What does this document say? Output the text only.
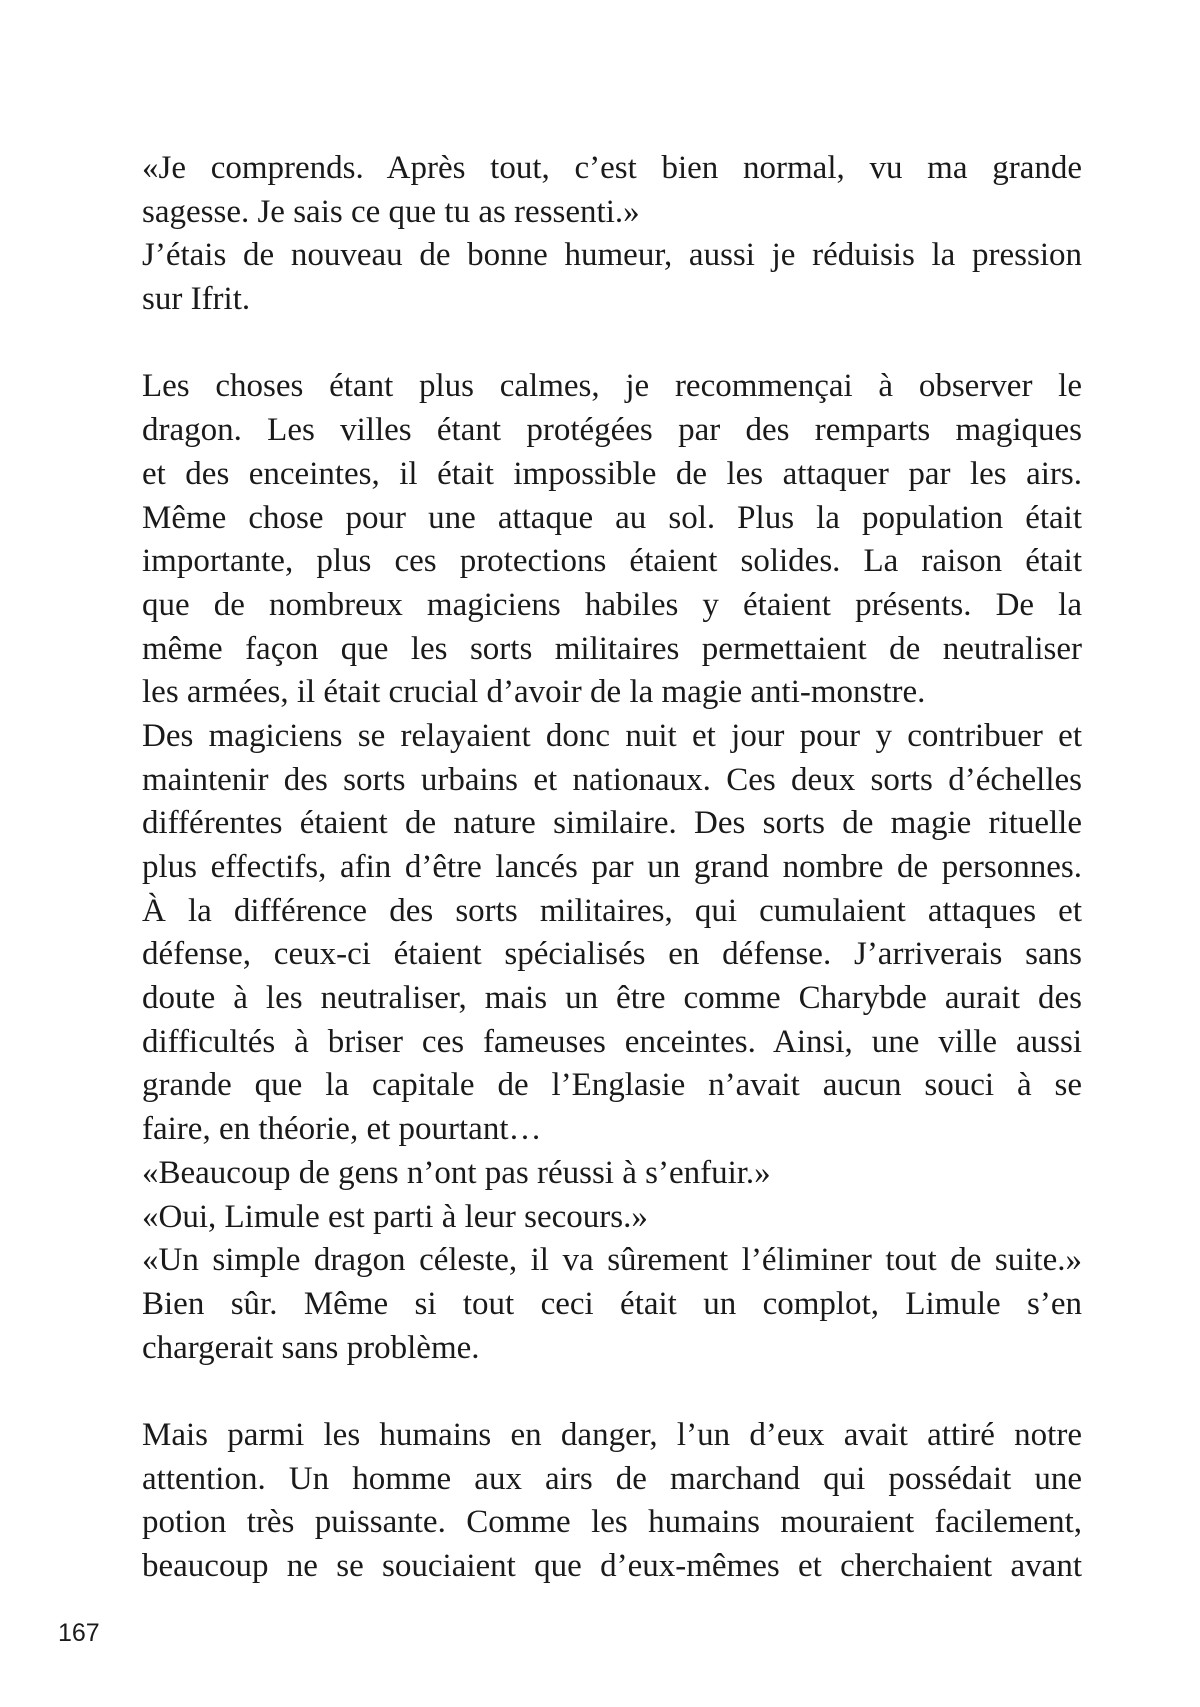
«Je comprends. Après tout, c’est bien normal, vu ma grande
sagesse. Je sais ce que tu as ressenti.»
J’étais de nouveau de bonne humeur, aussi je réduisis la pression
sur Ifrit.
Les choses étant plus calmes, je recommençai à observer le
dragon. Les villes étant protégées par des remparts magiques
et des enceintes, il était impossible de les attaquer par les airs.
Même chose pour une attaque au sol. Plus la population était
importante, plus ces protections étaient solides. La raison était
que de nombreux magiciens habiles y étaient présents. De la
même façon que les sorts militaires permettaient de neutraliser
les armées, il était crucial d’avoir de la magie anti-monstre.
Des magiciens se relayaient donc nuit et jour pour y contribuer et
maintenir des sorts urbains et nationaux. Ces deux sorts d’échelles
différentes étaient de nature similaire. Des sorts de magie rituelle
plus effectifs, afin d’être lancés par un grand nombre de personnes.
À la différence des sorts militaires, qui cumulaient attaques et
défense, ceux-ci étaient spécialisés en défense. J’arriverais sans
doute à les neutraliser, mais un être comme Charybde aurait des
difficultés à briser ces fameuses enceintes. Ainsi, une ville aussi
grande que la capitale de l’Englasie n’avait aucun souci à se
faire, en théorie, et pourtant…
«Beaucoup de gens n’ont pas réussi à s’enfuir.»
«Oui, Limule est parti à leur secours.»
«Un simple dragon céleste, il va sûrement l’éliminer tout de suite.»
Bien sûr. Même si tout ceci était un complot, Limule s’en
chargerait sans problème.
Mais parmi les humains en danger, l’un d’eux avait attiré notre
attention. Un homme aux airs de marchand qui possédait une
potion très puissante. Comme les humains mouraient facilement,
beaucoup ne se souciaient que d’eux-mêmes et cherchaient avant
167
